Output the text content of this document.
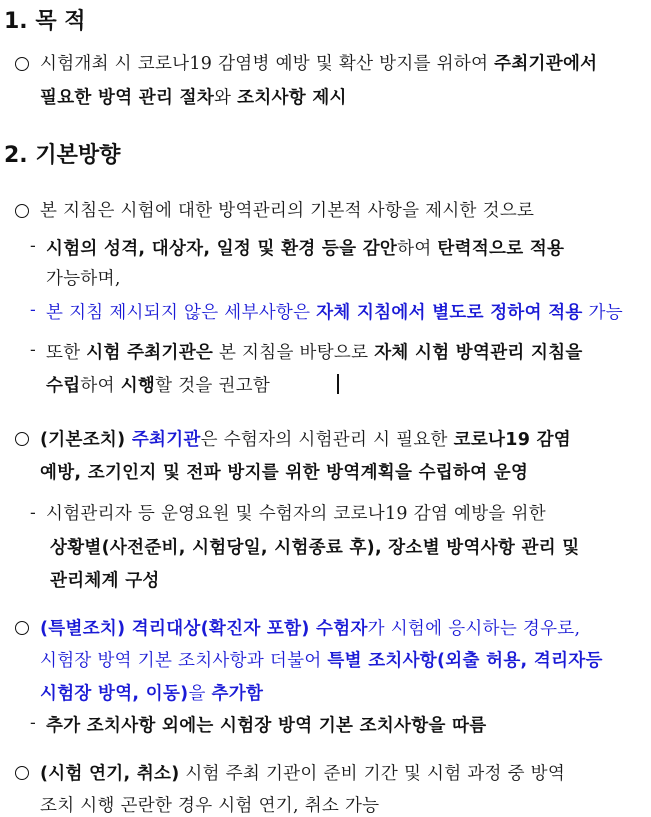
1. 목 적
시험개최 시 코로나19 감염병 예방 및 확산 방지를 위하여 주최기관에서
필요한 방역 관리 절차와 조치사항 제시
2. 기본방향
본 지침은 시험에 대한 방역관리의 기본적 사항을 제시한 것으로
- 시험의 성격, 대상자, 일정 및 환경 등을 감안하여 탄력적으로 적용
가능하며,
- 본 지침 제시되지 않은 세부사항은 자체 지침에서 별도로 정하여 적용 가능
- 또한 시험 주최기관은 본 지침을 바탕으로 자체 시험 방역관리 지침을
수립하여 시행할 것을 권고함
(기본조치) 주최기관은 수험자의 시험관리 시 필요한 코로나19 감염
예방, 조기인지 및 전파 방지를 위한 방역계획을 수립하여 운영
- 시험관리자 등 운영요원 및 수험자의 코로나19 감염 예방을 위한
상황별(사전준비, 시험당일, 시험종료 후), 장소별 방역사항 관리 및
관리체계 구성
(특별조치) 격리대상(확진자 포함) 수험자가 시험에 응시하는 경우로,
시험장 방역 기본 조치사항과 더불어 특별 조치사항(외출 허용, 격리자등
시험장 방역, 이동)을 추가함
- 추가 조치사항 외에는 시험장 방역 기본 조치사항을 따름
(시험 연기, 취소) 시험 주최 기관이 준비 기간 및 시험 과정 중 방역
조치 시행 곤란한 경우 시험 연기, 취소 가능
